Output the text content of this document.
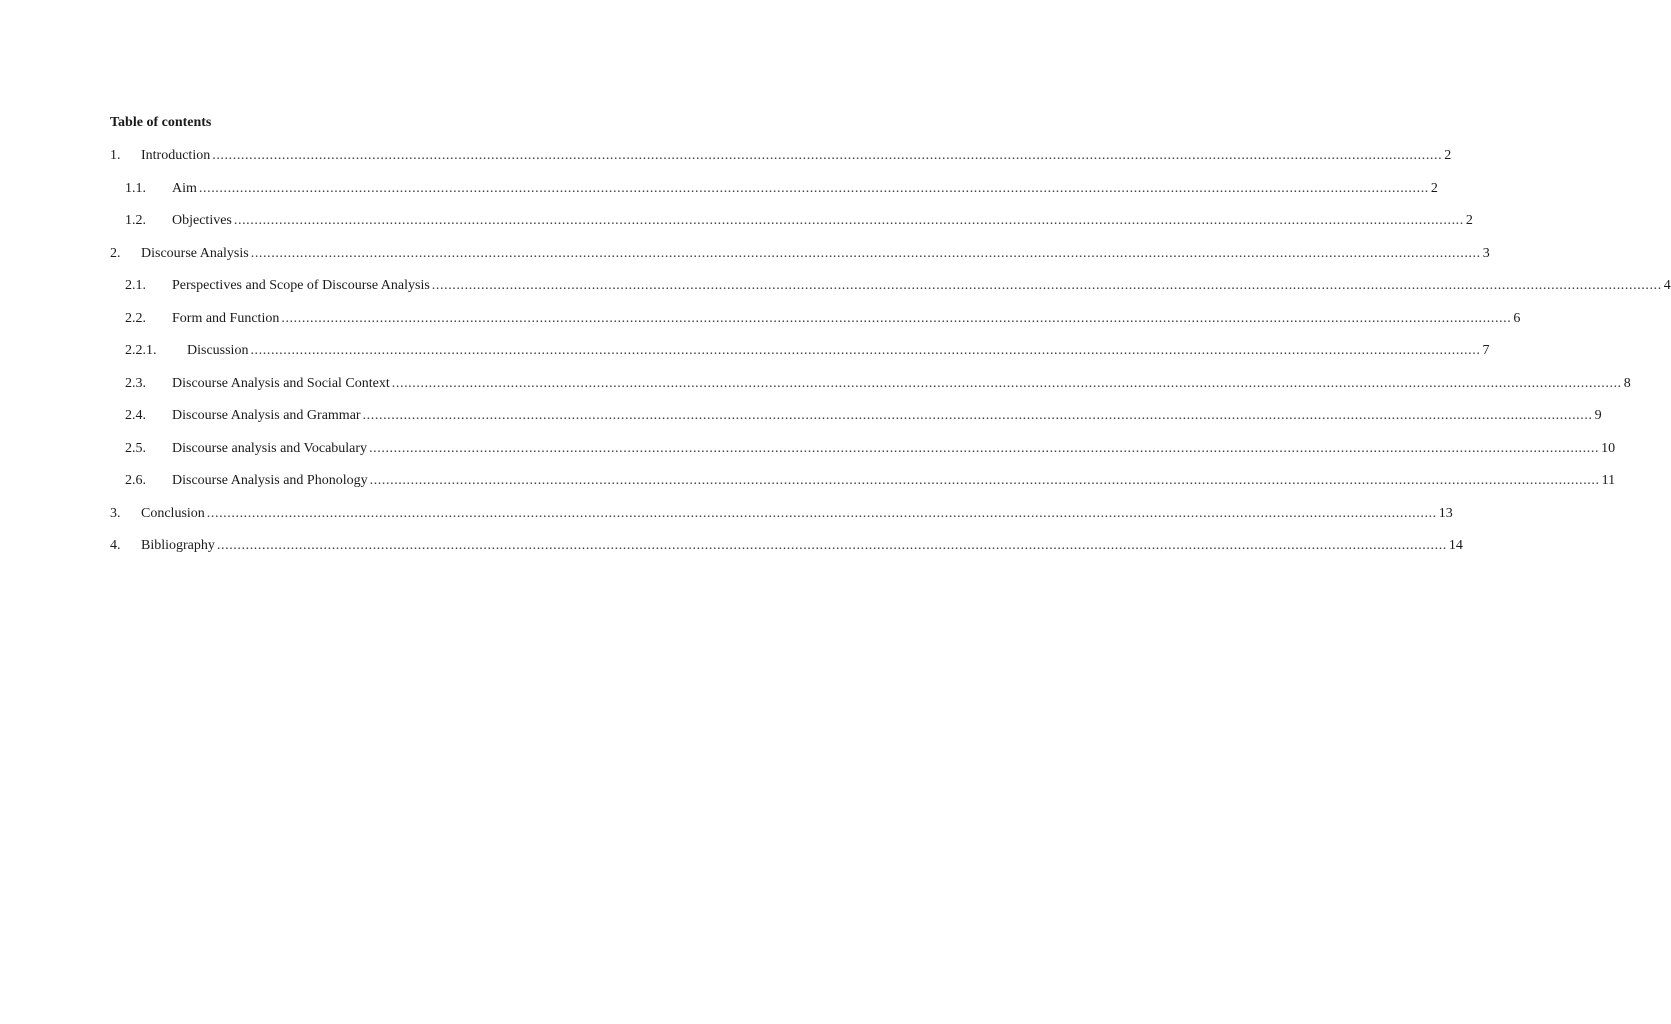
Table of contents
1.	Introduction ............................................................................................................................................................................................................................................................................................................ 2
1.1.	Aim ............................................................................................................................................................................................................................................................................................................ 2
1.2.	Objectives ............................................................................................................................................................................................................................................................................................................ 2
2.	Discourse Analysis ............................................................................................................................................................................................................................................................................................................ 3
2.1.	Perspectives and Scope of Discourse Analysis ............................................................................................................................................................................................................................................................................................................ 4
2.2.	Form and Function ............................................................................................................................................................................................................................................................................................................ 6
2.2.1.	Discussion ............................................................................................................................................................................................................................................................................................................ 7
2.3.	Discourse Analysis and Social Context ............................................................................................................................................................................................................................................................................................................ 8
2.4.	Discourse Analysis and Grammar ............................................................................................................................................................................................................................................................................................................ 9
2.5.	Discourse analysis and Vocabulary ............................................................................................................................................................................................................................................................................................................ 10
2.6.	Discourse Analysis and Phonology ............................................................................................................................................................................................................................................................................................................ 11
3.	Conclusion ............................................................................................................................................................................................................................................................................................................ 13
4.	Bibliography ............................................................................................................................................................................................................................................................................................................ 14
